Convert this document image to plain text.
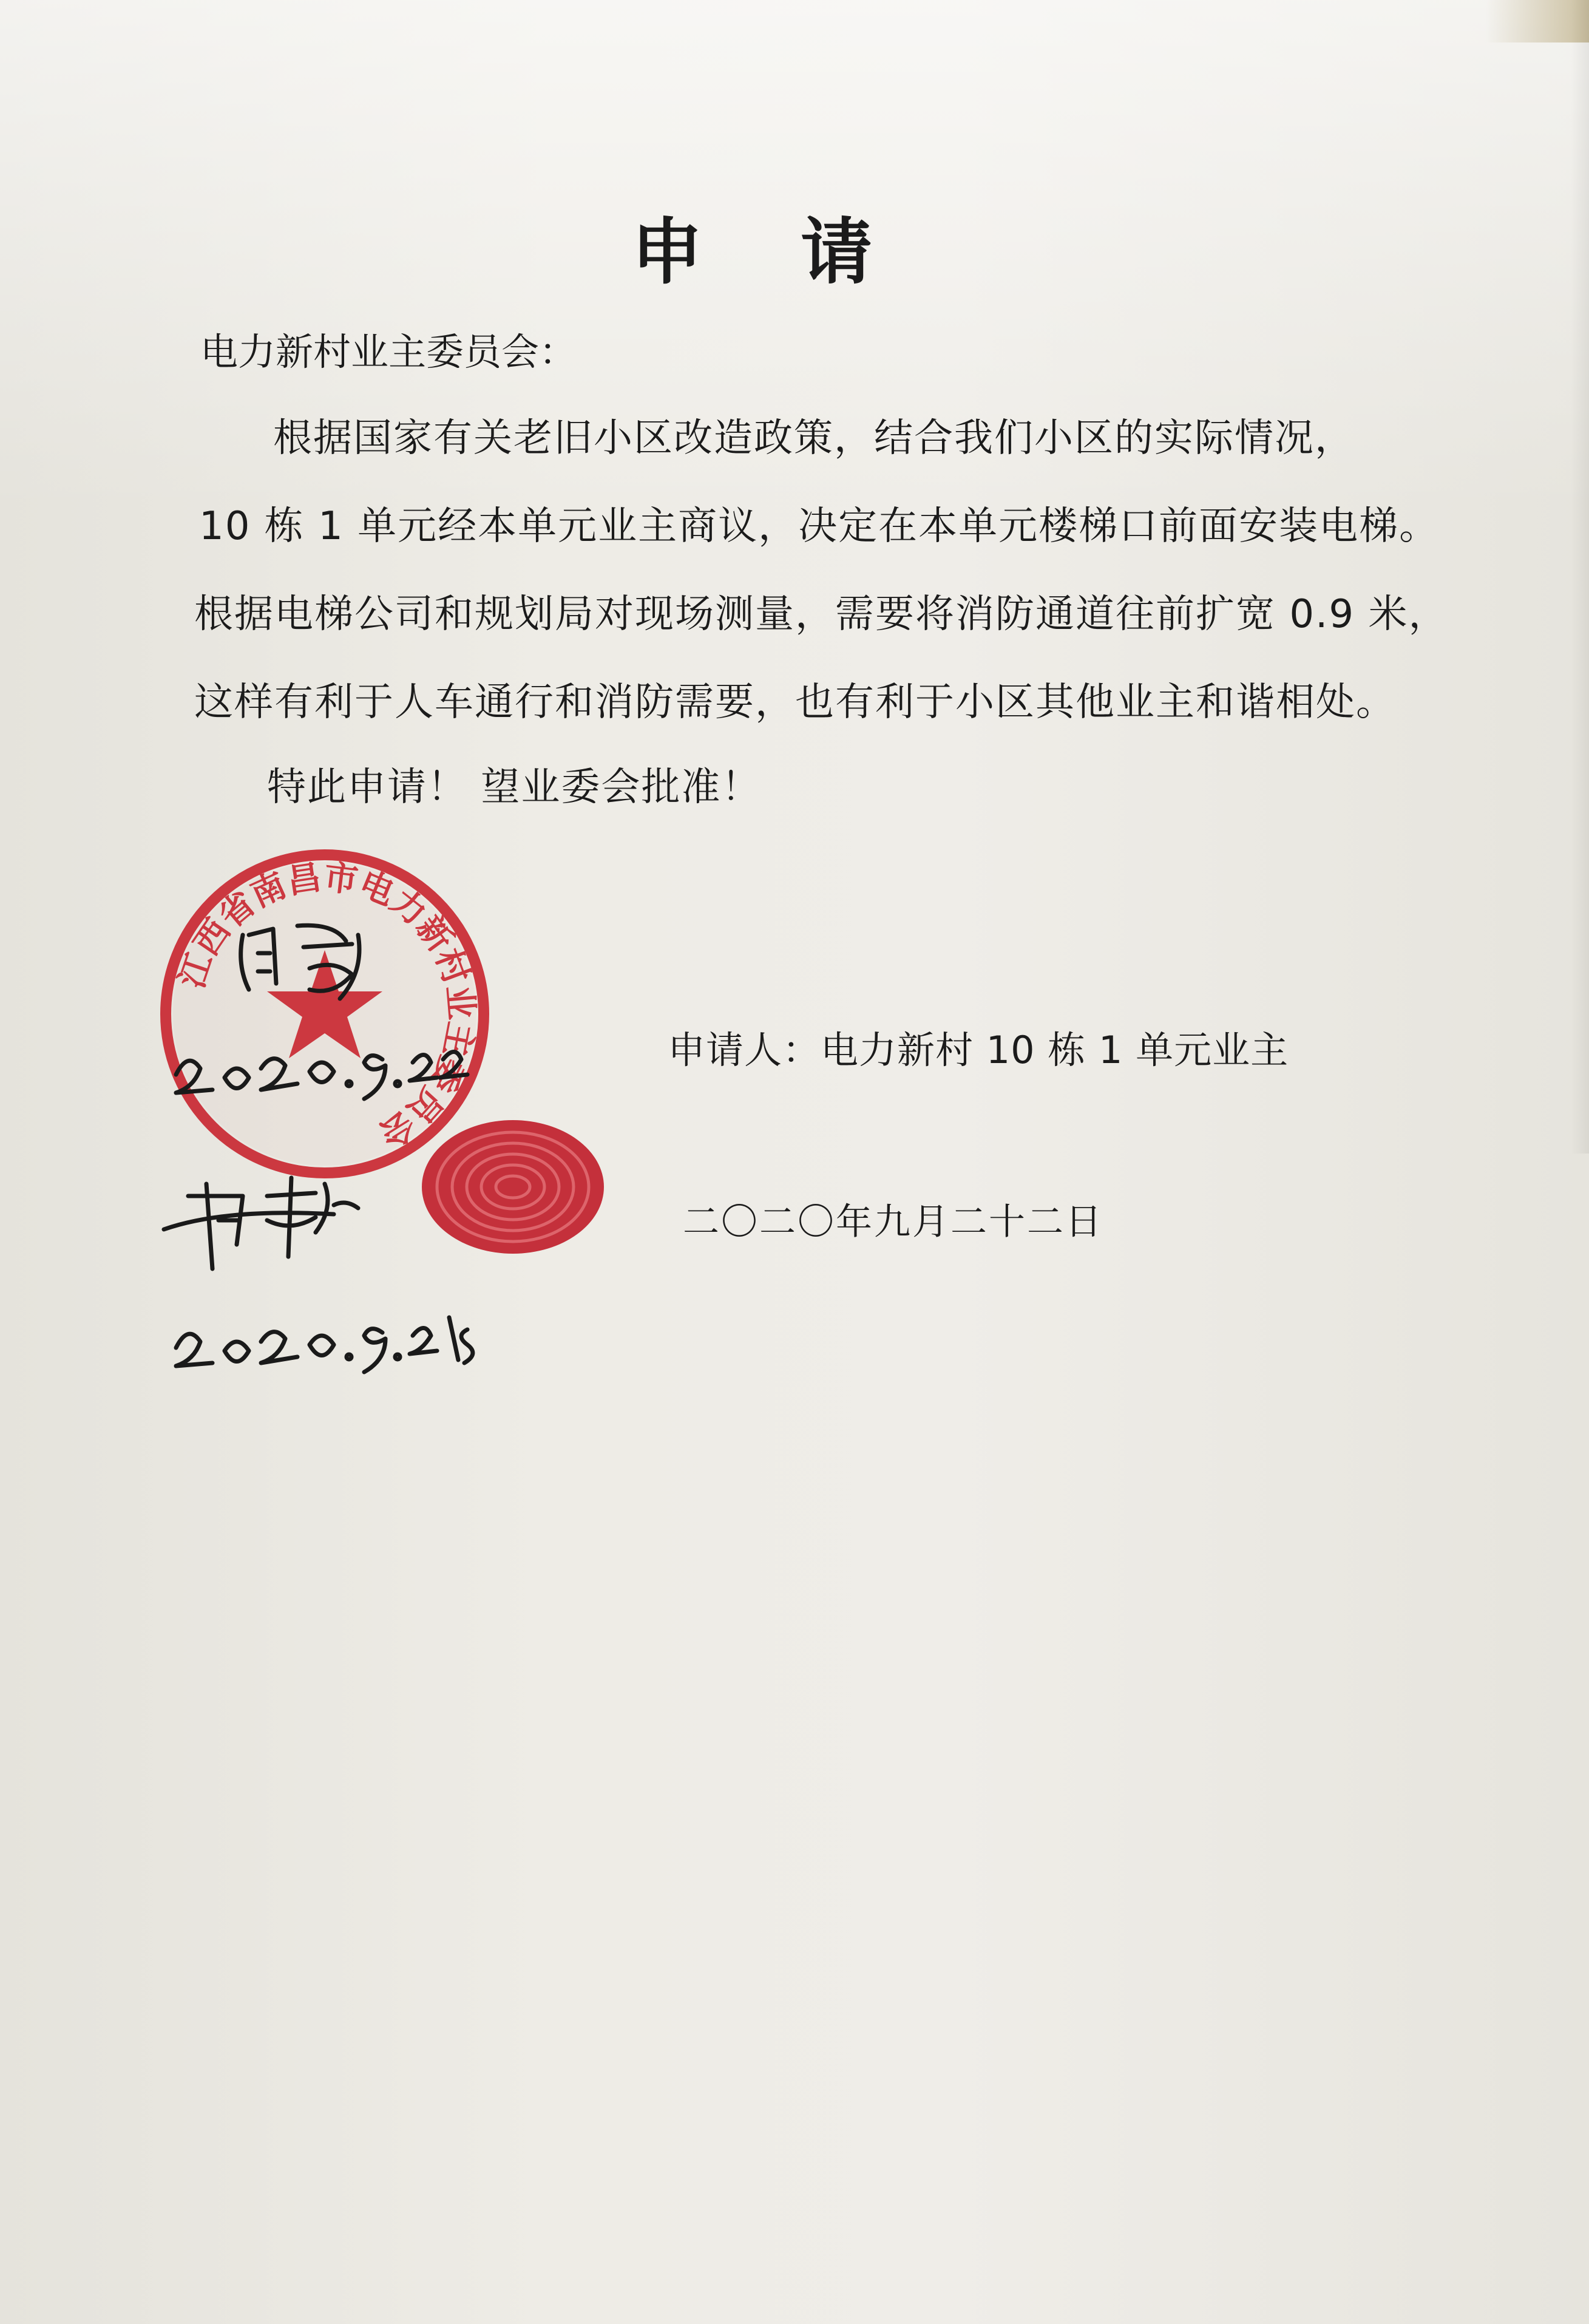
申 请

电力新村业主委员会：

根据国家有关老旧小区改造政策，结合我们小区的实际情况，

10 栋 1 单元经本单元业主商议，决定在本单元楼梯口前面安装电梯。

根据电梯公司和规划局对现场测量，需要将消防通道往前扩宽 0.9 米，

这样有利于人车通行和消防需要，也有利于小区其他业主和谐相处。

特此申请！ 望业委会批准！

江西省南昌市电力新村业主委员会

申请人：电力新村 10 栋 1 单元业主

二〇二〇年九月二十二日
